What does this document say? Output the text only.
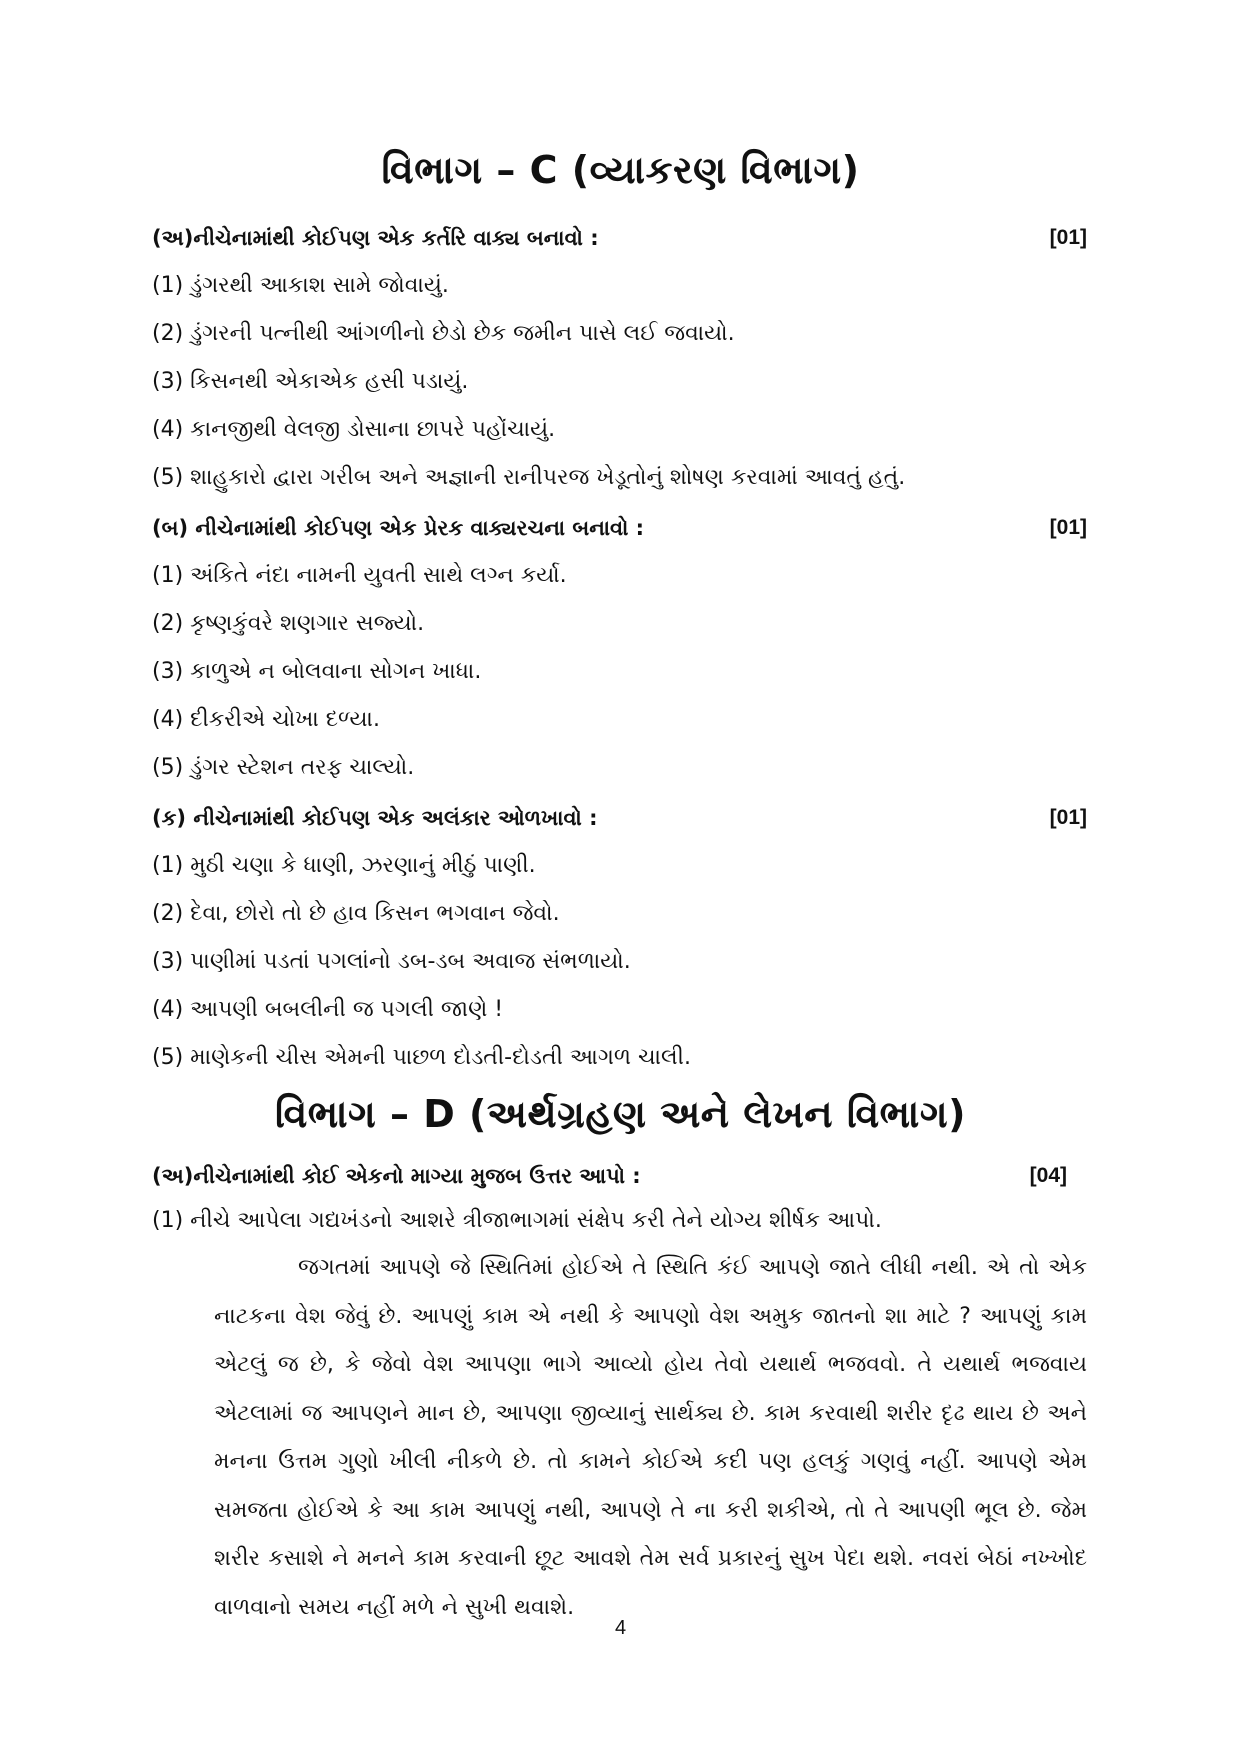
વિભાગ – C (વ્યાકરણ વિભાગ)
(અ)નીચેનામાંથી કોઈપણ એક કર્તરિ વાક્ય બનાવો :	[01]
(1) ડુંગરથી આકાશ સામે જોવાયું.
(2) ડુંગરની પત્નીથી આંગળીનો છેડો છેક જમીન પાસે લઈ જવાયો.
(3) કિસનથી એકાએક હસી પડાયું.
(4) કાનજીથી વેલજી ડોસાના છાપરે પહોંચાયું.
(5) શાહુકારો દ્વારા ગરીબ અને અજ્ઞાની રાનીપરજ ખેડૂતોનું શોષણ કરવામાં આવતું હતું.
(બ) નીચેનામાંથી કોઈપણ એક પ્રેરક વાક્યરચના બનાવો :	[01]
(1) અંકિતે નંદા નામની યુવતી સાથે લગ્ન કર્યા.
(2) કૃષ્ણકુંવરે શણગાર સજ્યો.
(3) કાળુએ ન બોલવાના સોગન ખાધા.
(4) દીકરીએ ચોખા દળ્યા.
(5) ડુંગર સ્ટેશન તરફ ચાલ્યો.
(ક) નીચેનામાંથી કોઈપણ એક અલંકાર ઓળખાવો :	[01]
(1) મુઠી ચણા કે ધાણી, ઝરણાનું મીઠું પાણી.
(2) દેવા, છોરો તો છે હાવ કિસન ભગવાન જેવો.
(3) પાણીમાં પડતાં પગલાંનો ડબ-ડબ અવાજ સંભળાયો.
(4) આપણી બબલીની જ પગલી જાણે !
(5) માણેકની ચીસ એમની પાછળ દોડતી-દોડતી આગળ ચાલી.
વિભાગ – D (અર્થગ્રહણ અને લેખન વિભાગ)
(અ)નીચેનામાંથી કોઈ એકનો માગ્યા મુજબ ઉત્તર આપો :	[04]
(1) નીચે આપેલા ગદ્યખંડનો આશરે ત્રીજાભાગમાં સંક્ષેપ કરી તેને યોગ્ય શીર્ષક આપો.
જગતમાં આપણે જે સ્થિતિમાં હોઈએ તે સ્થિતિ કંઈ આપણે જાતે લીધી નથી. એ તો એક નાટકના વેશ જેવું છે. આપણું કામ એ નથી કે આપણો વેશ અમુક જાતનો શા માટે ? આપણું કામ એટલું જ છે, કે જેવો વેશ આપણા ભાગે આવ્યો હોય તેવો યથાર્થ ભજવવો. તે યથાર્થ ભજવાય એટલામાં જ આપણને માન છે, આપણા જીવ્યાનું સાર્થક્ય છે. કામ કરવાથી શરીર દૃઢ થાય છે અને મનના ઉત્તમ ગુણો ખીલી નીકળે છે. તો કામને કોઈએ કદી પણ હલકું ગણવું નહીં. આપણે એમ સમજતા હોઈએ કે આ કામ આપણું નથી, આપણે તે ના કરી શકીએ, તો તે આપણી ભૂલ છે. જેમ શરીર કસાશે ને મનને કામ કરવાની છૂટ આવશે તેમ સર્વ પ્રકારનું સુખ પેદા થશે. નવરાં બેઠાં નખ્ખોદ વાળવાનો સમય નહીં મળે ને સુખી થવાશે.
4
